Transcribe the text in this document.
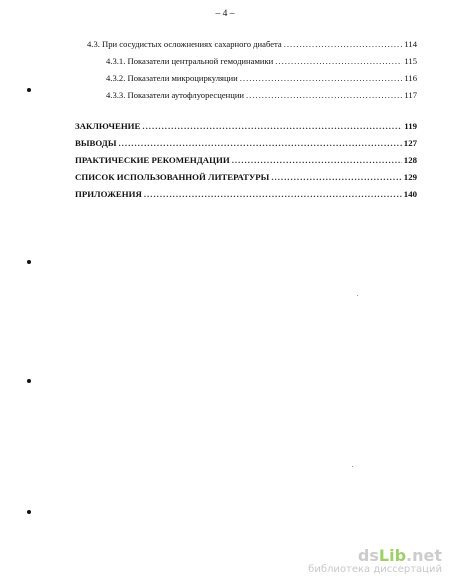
– 4 –
4.3. При сосудистых осложнениях сахарного диабета .....	114
4.3.1. Показатели центральной гемодинамики .....	115
4.3.2. Показатели микроциркуляции .....	116
4.3.3. Показатели аутофлуоресценции .....	117
ЗАКЛЮЧЕНИЕ .....	119
ВЫВОДЫ .....	127
ПРАКТИЧЕСКИЕ РЕКОМЕНДАЦИИ .....	128
СПИСОК ИСПОЛЬЗОВАННОЙ ЛИТЕРАТУРЫ .....	129
ПРИЛОЖЕНИЯ .....	140
dsLib.net
библиотека диссертаций
